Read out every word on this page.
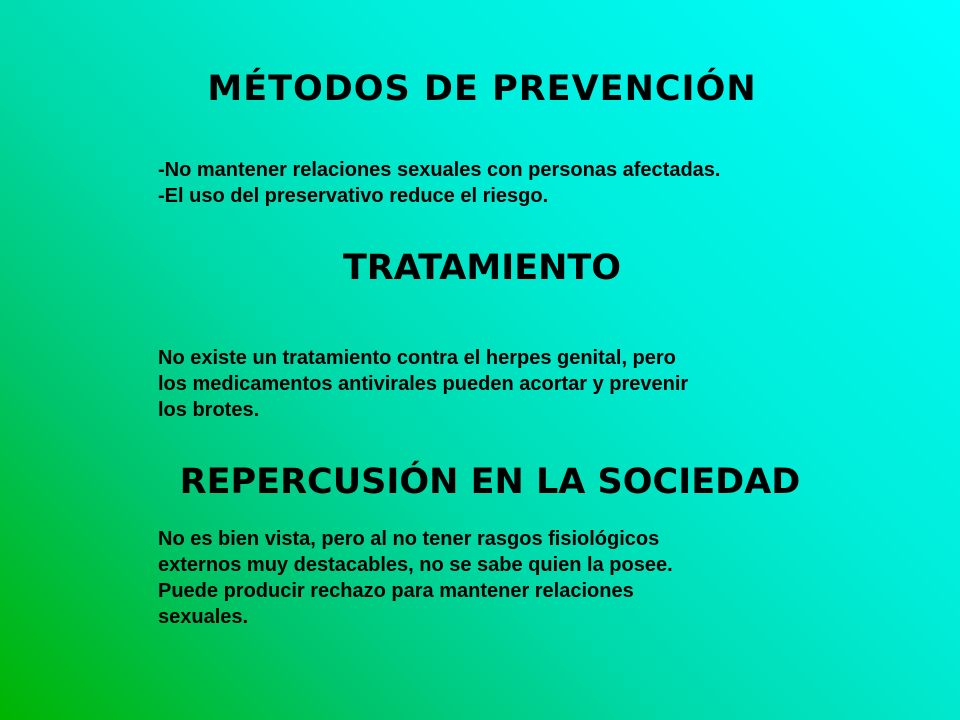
MÉTODOS DE PREVENCIÓN
-No mantener relaciones sexuales con personas afectadas.
-El uso del preservativo reduce el riesgo.
TRATAMIENTO
No existe un tratamiento contra el herpes genital, pero
los medicamentos antivirales pueden acortar y prevenir
los brotes.
REPERCUSIÓN EN LA SOCIEDAD
No es bien vista, pero al no tener rasgos fisiológicos
externos muy destacables, no se sabe quien la posee.
Puede producir rechazo para mantener relaciones
sexuales.
